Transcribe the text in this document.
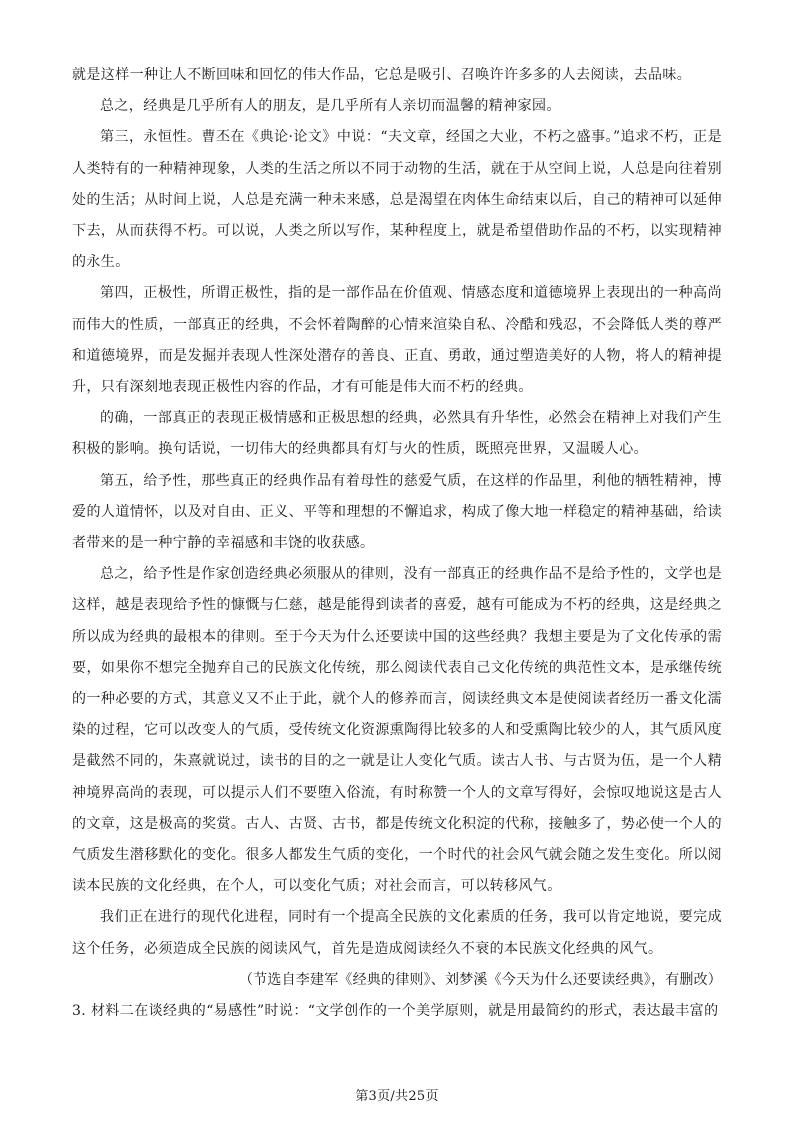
就是这样一种让人不断回味和回忆的伟大作品，它总是吸引、召唤许许多多的人去阅读，去品味。

总之，经典是几乎所有人的朋友，是几乎所有人亲切而温馨的精神家园。

第三，永恒性。曹丕在《典论·论文》中说：“夫文章，经国之大业，不朽之盛事。”追求不朽，正是人类特有的一种精神现象，人类的生活之所以不同于动物的生活，就在于从空间上说，人总是向往着别处的生活；从时间上说，人总是充满一种未来感，总是渴望在肉体生命结束以后，自己的精神可以延伸下去，从而获得不朽。可以说，人类之所以写作，某种程度上，就是希望借助作品的不朽，以实现精神的永生。

第四，正极性，所谓正极性，指的是一部作品在价值观、情感态度和道德境界上表现出的一种高尚而伟大的性质，一部真正的经典，不会怀着陶醉的心情来渲染自私、冷酷和残忍，不会降低人类的尊严和道德境界，而是发掘并表现人性深处潜存的善良、正直、勇敢，通过塑造美好的人物，将人的精神提升，只有深刻地表现正极性内容的作品，才有可能是伟大而不朽的经典。

的确，一部真正的表现正极情感和正极思想的经典，必然具有升华性，必然会在精神上对我们产生积极的影响。换句话说，一切伟大的经典都具有灯与火的性质，既照亮世界，又温暖人心。

第五，给予性，那些真正的经典作品有着母性的慈爱气质，在这样的作品里，利他的牺牲精神，博爱的人道情怀，以及对自由、正义、平等和理想的不懈追求，构成了像大地一样稳定的精神基础，给读者带来的是一种宁静的幸福感和丰饶的收获感。

总之，给予性是作家创造经典必须服从的律则，没有一部真正的经典作品不是给予性的，文学也是这样，越是表现给予性的慷慨与仁慈，越是能得到读者的喜爱，越有可能成为不朽的经典，这是经典之所以成为经典的最根本的律则。至于今天为什么还要读中国的这些经典？我想主要是为了文化传承的需要，如果你不想完全抛弃自己的民族文化传统，那么阅读代表自己文化传统的典范性文本，是承继传统的一种必要的方式，其意义又不止于此，就个人的修养而言，阅读经典文本是使阅读者经历一番文化濡染的过程，它可以改变人的气质，受传统文化资源熏陶得比较多的人和受熏陶比较少的人，其气质风度是截然不同的，朱熹就说过，读书的目的之一就是让人变化气质。读古人书、与古贤为伍，是一个人精神境界高尚的表现，可以提示人们不要堕入俗流，有时称赞一个人的文章写得好，会惊叹地说这是古人的文章，这是极高的奖赏。古人、古贤、古书，都是传统文化积淀的代称，接触多了，势必使一个人的气质发生潜移默化的变化。很多人都发生气质的变化，一个时代的社会风气就会随之发生变化。所以阅读本民族的文化经典，在个人，可以变化气质；对社会而言，可以转移风气。

我们正在进行的现代化进程，同时有一个提高全民族的文化素质的任务，我可以肯定地说，要完成这个任务，必须造成全民族的阅读风气，首先是造成阅读经久不衰的本民族文化经典的风气。

（节选自李建军《经典的律则》、刘梦溪《今天为什么还要读经典》，有删改）

3. 材料二在谈经典的“易感性”时说：“文学创作的一个美学原则，就是用最简约的形式，表达最丰富的

第3页/共25页
